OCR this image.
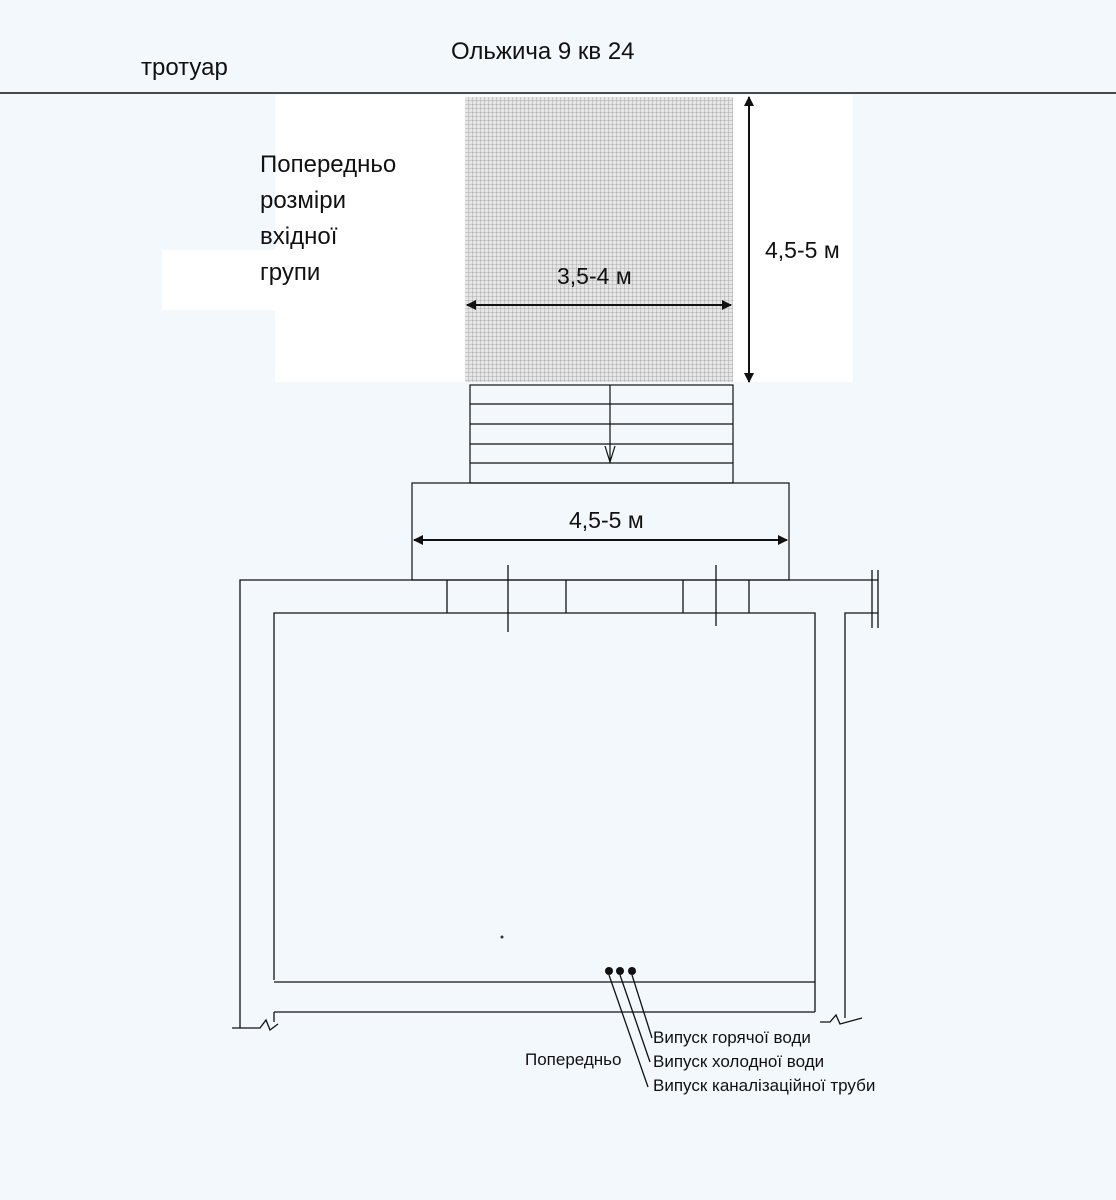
Ольжича 9 кв 24
тротуар
Попередньо
розміри
вхідної
групи	3,5-4 м
4,5-5 м
4,5-5 м
Попередньо
Випуск горячої води
Випуск холодної води
Випуск каналізаційної труби
